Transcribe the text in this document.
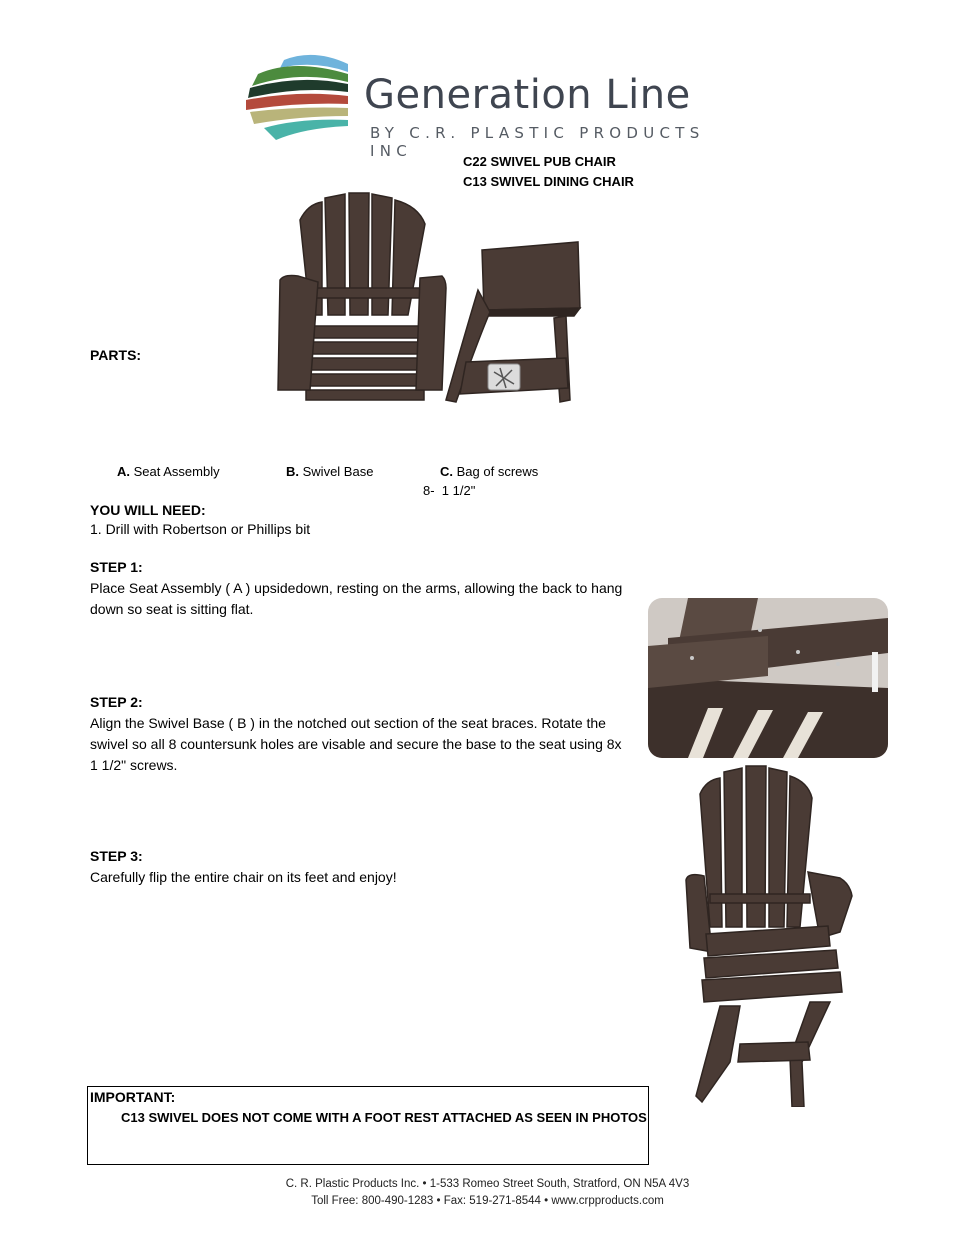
Generation Line
BY C.R. PLASTIC PRODUCTS INC
C22 SWIVEL PUB CHAIR
C13 SWIVEL DINING CHAIR
PARTS:
A. Seat Assembly	B. Swivel Base	C. Bag of screws
8-  1 1/2"
YOU WILL NEED:
1. Drill with Robertson or Phillips bit
STEP 1:
Place Seat Assembly ( A ) upsidedown, resting on the arms, allowing the back to hang
down so seat is sitting flat.
STEP 2:
Align the Swivel Base ( B ) in the notched out section of the seat braces. Rotate the
swivel so all 8 countersunk holes are visable and secure the base to the seat using 8x
1 1/2" screws.
STEP 3:
Carefully flip the entire chair on its feet and enjoy!
IMPORTANT:
C13 SWIVEL DOES NOT COME WITH A FOOT REST ATTACHED AS SEEN IN PHOTOS
C. R. Plastic Products Inc. • 1-533 Romeo Street South, Stratford, ON N5A 4V3
Toll Free: 800-490-1283 • Fax: 519-271-8544 • www.crpproducts.com
